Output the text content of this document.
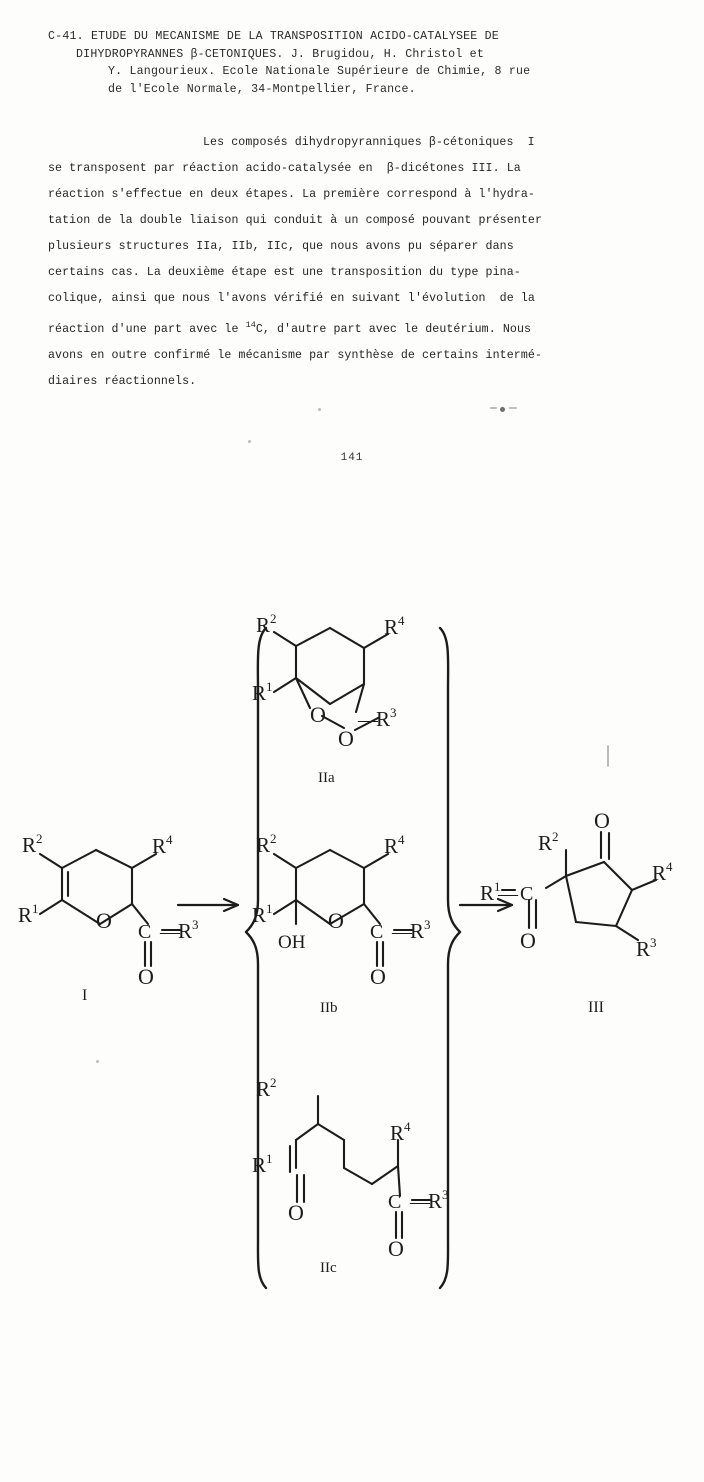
C-41. ETUDE DU MECANISME DE LA TRANSPOSITION ACIDO-CATALYSEE DE
DIHYDROPYRANNES β-CETONIQUES. J. Brugidou, H. Christol et
Y. Langourieux. Ecole Nationale Supérieure de Chimie, 8 rue
de l'Ecole Normale, 34-Montpellier, France.
Les composés dihydropyranniques β-cétoniques  I
se transposent par réaction acido-catalysée en  β-dicétones III. La
réaction s'effectue en deux étapes. La première correspond à l'hydra-
tation de la double liaison qui conduit à un composé pouvant présenter
plusieurs structures IIa, IIb, IIc, que nous avons pu séparer dans
certains cas. La deuxième étape est une transposition du type pina-
colique, ainsi que nous l'avons vérifié en suivant l'évolution  de la
réaction d'une part avec le $^{14}$C, d'autre part avec le deutérium. Nous
avons en outre confirmé le mécanisme par synthèse de certains intermé-
diaires réactionnels.
141
R 2
R 1
R 4
R 3
—
C
O
O
I
R 2
R 1
R 4
R 3
—
O
O
IIa
R 2
R 1
R 4
R 3
—
C
O
O
OH
IIb
R 2
R 1
R 4
R 3
—
C
O
O
IIc
R 2
O
R 4
R 3
R 1
— C
O
III
